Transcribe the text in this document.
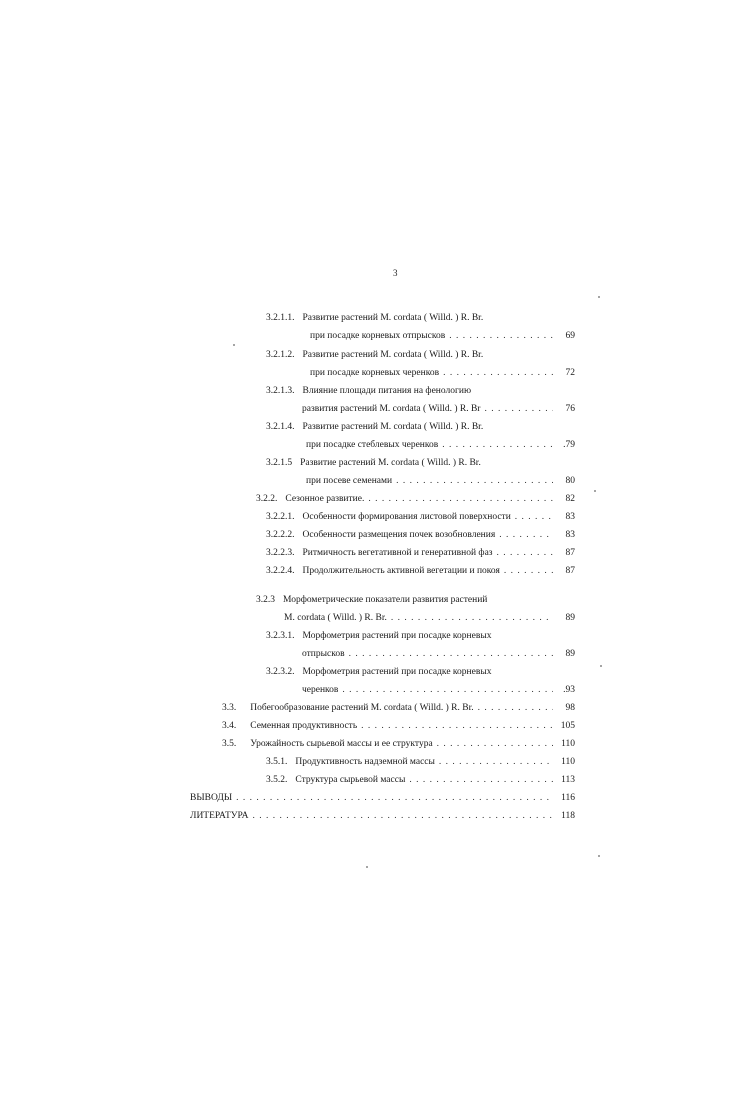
3
3.2.1.1. Развитие растений M. cordata ( Willd. ) R. Br.
при посадке корневых отпрысков . . .	69
3.2.1.2. Развитие растений M. cordata ( Willd. ) R. Br.
при посадке корневых черенков . . .	72
3.2.1.3. Влияние площади питания на фенологию
развития растений M. cordata ( Willd. ) R. Br . . .	76
3.2.1.4. Развитие растений M. cordata ( Willd. ) R. Br.
при посадке стеблевых черенков . . .	.79
3.2.1.5 Развитие растений M. cordata ( Willd. ) R. Br.
при посеве семенами . . .	80
3.2.2. Сезонное развитие. . . .	82
3.2.2.1. Особенности формирования листовой поверхности . . .	83
3.2.2.2. Особенности размещения почек возобновления . . .	83
3.2.2.3. Ритмичность вегетативной и генеративной фаз . . .	87
3.2.2.4. Продолжительность активной вегетации и покоя . . .	87
3.2.3 Морфометрические показатели развития растений
M. cordata ( Willd. ) R. Br. . . .	89
3.2.3.1. Морфометрия растений при посадке корневых
отпрысков . . .	89
3.2.3.2. Морфометрия растений при посадке корневых
черенков . . .	.93
3.3. Побегообразование растений M. cordata ( Willd. ) R. Br. . . .	98
3.4. Семенная продуктивность . . .	105
3.5. Урожайность сырьевой массы и ее структура . . .	110
3.5.1. Продуктивность надземной массы . . .	110
3.5.2. Структура сырьевой массы . . .	113
ВЫВОДЫ . . .	116
ЛИТЕРАТУРА . . .	118
